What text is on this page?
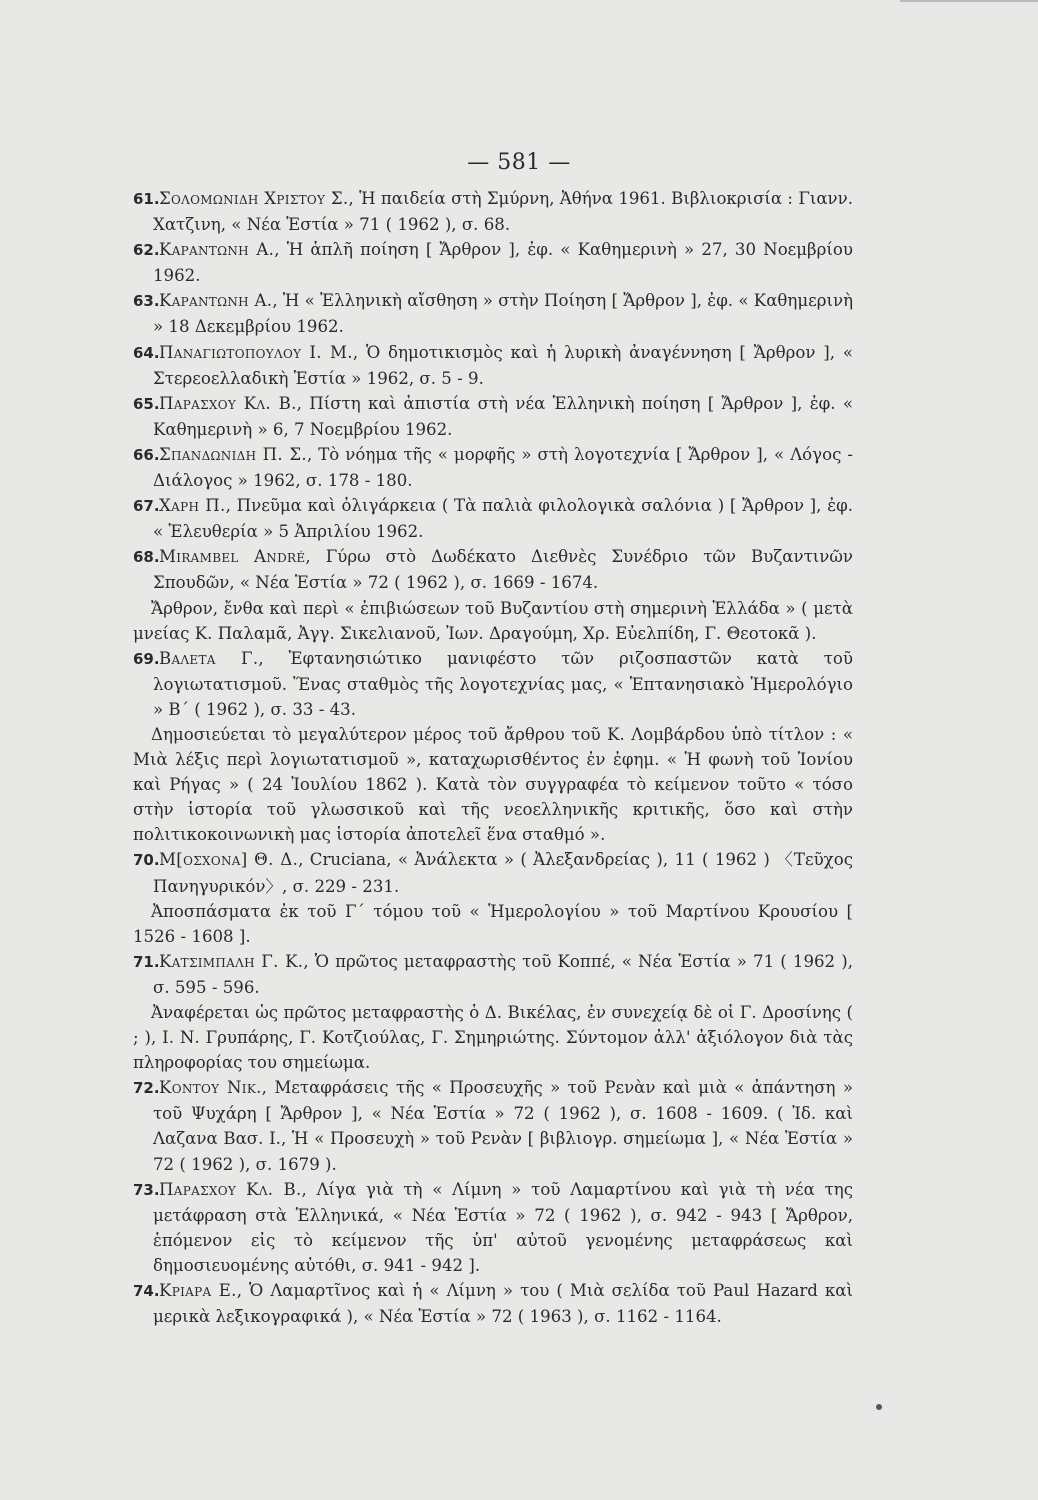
— 581 —

61.Σολομωνιδη Χριστου Σ., Ἡ παιδεία στὴ Σμύρνη, Ἀθήνα 1961. Βιβλιοκρισία : Γιανν. Χατζινη, « Νέα Ἑστία » 71 ( 1962 ), σ. 68.

62.Καραντωνη Α., Ἡ ἁπλῆ ποίηση [ Ἄρθρον ], ἐφ. « Καθημερινὴ » 27, 30 Νοεμβρίου 1962.

63.Καραντωνη Α., Ἡ « Ἑλληνικὴ αἴσθηση » στὴν Ποίηση [ Ἄρθρον ], ἐφ. « Καθημερινὴ » 18 Δεκεμβρίου 1962.

64.Παναγιωτοπουλου Ι. Μ., Ὁ δημοτικισμὸς καὶ ἡ λυρικὴ ἀναγέννηση [ Ἄρθρον ], « Στερεοελλαδικὴ Ἑστία » 1962, σ. 5 - 9.

65.Παρασχου Κλ. Β., Πίστη καὶ ἀπιστία στὴ νέα Ἑλληνικὴ ποίηση [ Ἄρθρον ], ἐφ. « Καθημερινὴ » 6, 7 Νοεμβρίου 1962.

66.Σπανδωνιδη Π. Σ., Τὸ νόημα τῆς « μορφῆς » στὴ λογοτεχνία [ Ἄρθρον ], « Λόγος - Διάλογος » 1962, σ. 178 - 180.

67.Χαρη Π., Πνεῦμα καὶ ὀλιγάρκεια ( Τὰ παλιὰ φιλολογικὰ σαλόνια ) [ Ἄρθρον ], ἐφ. « Ἐλευθερία » 5 Ἀπριλίου 1962.

68.Mirambel André, Γύρω στὸ Δωδέκατο Διεθνὲς Συνέδριο τῶν Βυζαντινῶν Σπουδῶν, « Νέα Ἑστία » 72 ( 1962 ), σ. 1669 - 1674.

Ἄρθρον, ἔνθα καὶ περὶ « ἐπιβιώσεων τοῦ Βυζαντίου στὴ σημερινὴ Ἑλλάδα » ( μετὰ μνείας Κ. Παλαμᾶ, Ἀγγ. Σικελιανοῦ, Ἰων. Δραγούμη, Χρ. Εὐελπίδη, Γ. Θεοτοκᾶ ).

69.Βαλετα Γ., Ἑφτανησιώτικο μανιφέστο τῶν ριζοσπαστῶν κατὰ τοῦ λογιωτατισμοῦ. Ἕνας σταθμὸς τῆς λογοτεχνίας μας, « Ἑπτανησιακὸ Ἡμερολόγιο » Β΄ ( 1962 ), σ. 33 - 43.

Δημοσιεύεται τὸ μεγαλύτερον μέρος τοῦ ἄρθρου τοῦ Κ. Λομβάρδου ὑπὸ τίτλον : « Μιὰ λέξις περὶ λογιωτατισμοῦ », καταχωρισθέντος ἐν ἐφημ. « Ἡ φωνὴ τοῦ Ἰονίου καὶ Ρήγας » ( 24 Ἰουλίου 1862 ). Κατὰ τὸν συγγραφέα τὸ κείμενον τοῦτο « τόσο στὴν ἱστορία τοῦ γλωσσικοῦ καὶ τῆς νεοελληνικῆς κριτικῆς, ὅσο καὶ στὴν πολιτικοκοινωνικὴ μας ἱστορία ἀποτελεῖ ἕνα σταθμό ».

70.Μ[οσχονα] Θ. Δ., Cruciana, « Ἀνάλεκτα » ( Ἀλεξανδρείας ), 11 ( 1962 ) 〈Τεῦχος Πανηγυρικόν〉, σ. 229 - 231.

Ἀποσπάσματα ἐκ τοῦ Γ΄ τόμου τοῦ « Ἡμερολογίου » τοῦ Μαρτίνου Κρουσίου [ 1526 - 1608 ].

71.Κατσιμπαλη Γ. Κ., Ὁ πρῶτος μεταφραστὴς τοῦ Κοππέ, « Νέα Ἑστία » 71 ( 1962 ), σ. 595 - 596.

Ἀναφέρεται ὡς πρῶτος μεταφραστὴς ὁ Δ. Βικέλας, ἐν συνεχείᾳ δὲ οἱ Γ. Δροσίνης ( ; ), Ι. Ν. Γρυπάρης, Γ. Κοτζιούλας, Γ. Σημηριώτης. Σύντομον ἀλλ' ἀξιόλογον διὰ τὰς πληροφορίας του σημείωμα.

72.Κοντου Νικ., Μεταφράσεις τῆς « Προσευχῆς » τοῦ Ρενὰν καὶ μιὰ « ἀπάντηση » τοῦ Ψυχάρη [ Ἄρθρον ], « Νέα Ἑστία » 72 ( 1962 ), σ. 1608 - 1609. ( Ἰδ. καὶ Λαζανα Βασ. Ι., Ἡ « Προσευχὴ » τοῦ Ρενὰν [ βιβλιογρ. σημείωμα ], « Νέα Ἑστία » 72 ( 1962 ), σ. 1679 ).

73.Παρασχου Κλ. Β., Λίγα γιὰ τὴ « Λίμνη » τοῦ Λαμαρτίνου καὶ γιὰ τὴ νέα της μετάφραση στὰ Ἑλληνικά, « Νέα Ἑστία » 72 ( 1962 ), σ. 942 - 943 [ Ἄρθρον, ἑπόμενον εἰς τὸ κείμενον τῆς ὑπ' αὐτοῦ γενομένης μεταφράσεως καὶ δημοσιευομένης αὐτόθι, σ. 941 - 942 ].

74.Κριαρα Ε., Ὁ Λαμαρτῖνος καὶ ἡ « Λίμνη » του ( Μιὰ σελίδα τοῦ Paul Hazard καὶ μερικὰ λεξικογραφικά ), « Νέα Ἑστία » 72 ( 1963 ), σ. 1162 - 1164.
